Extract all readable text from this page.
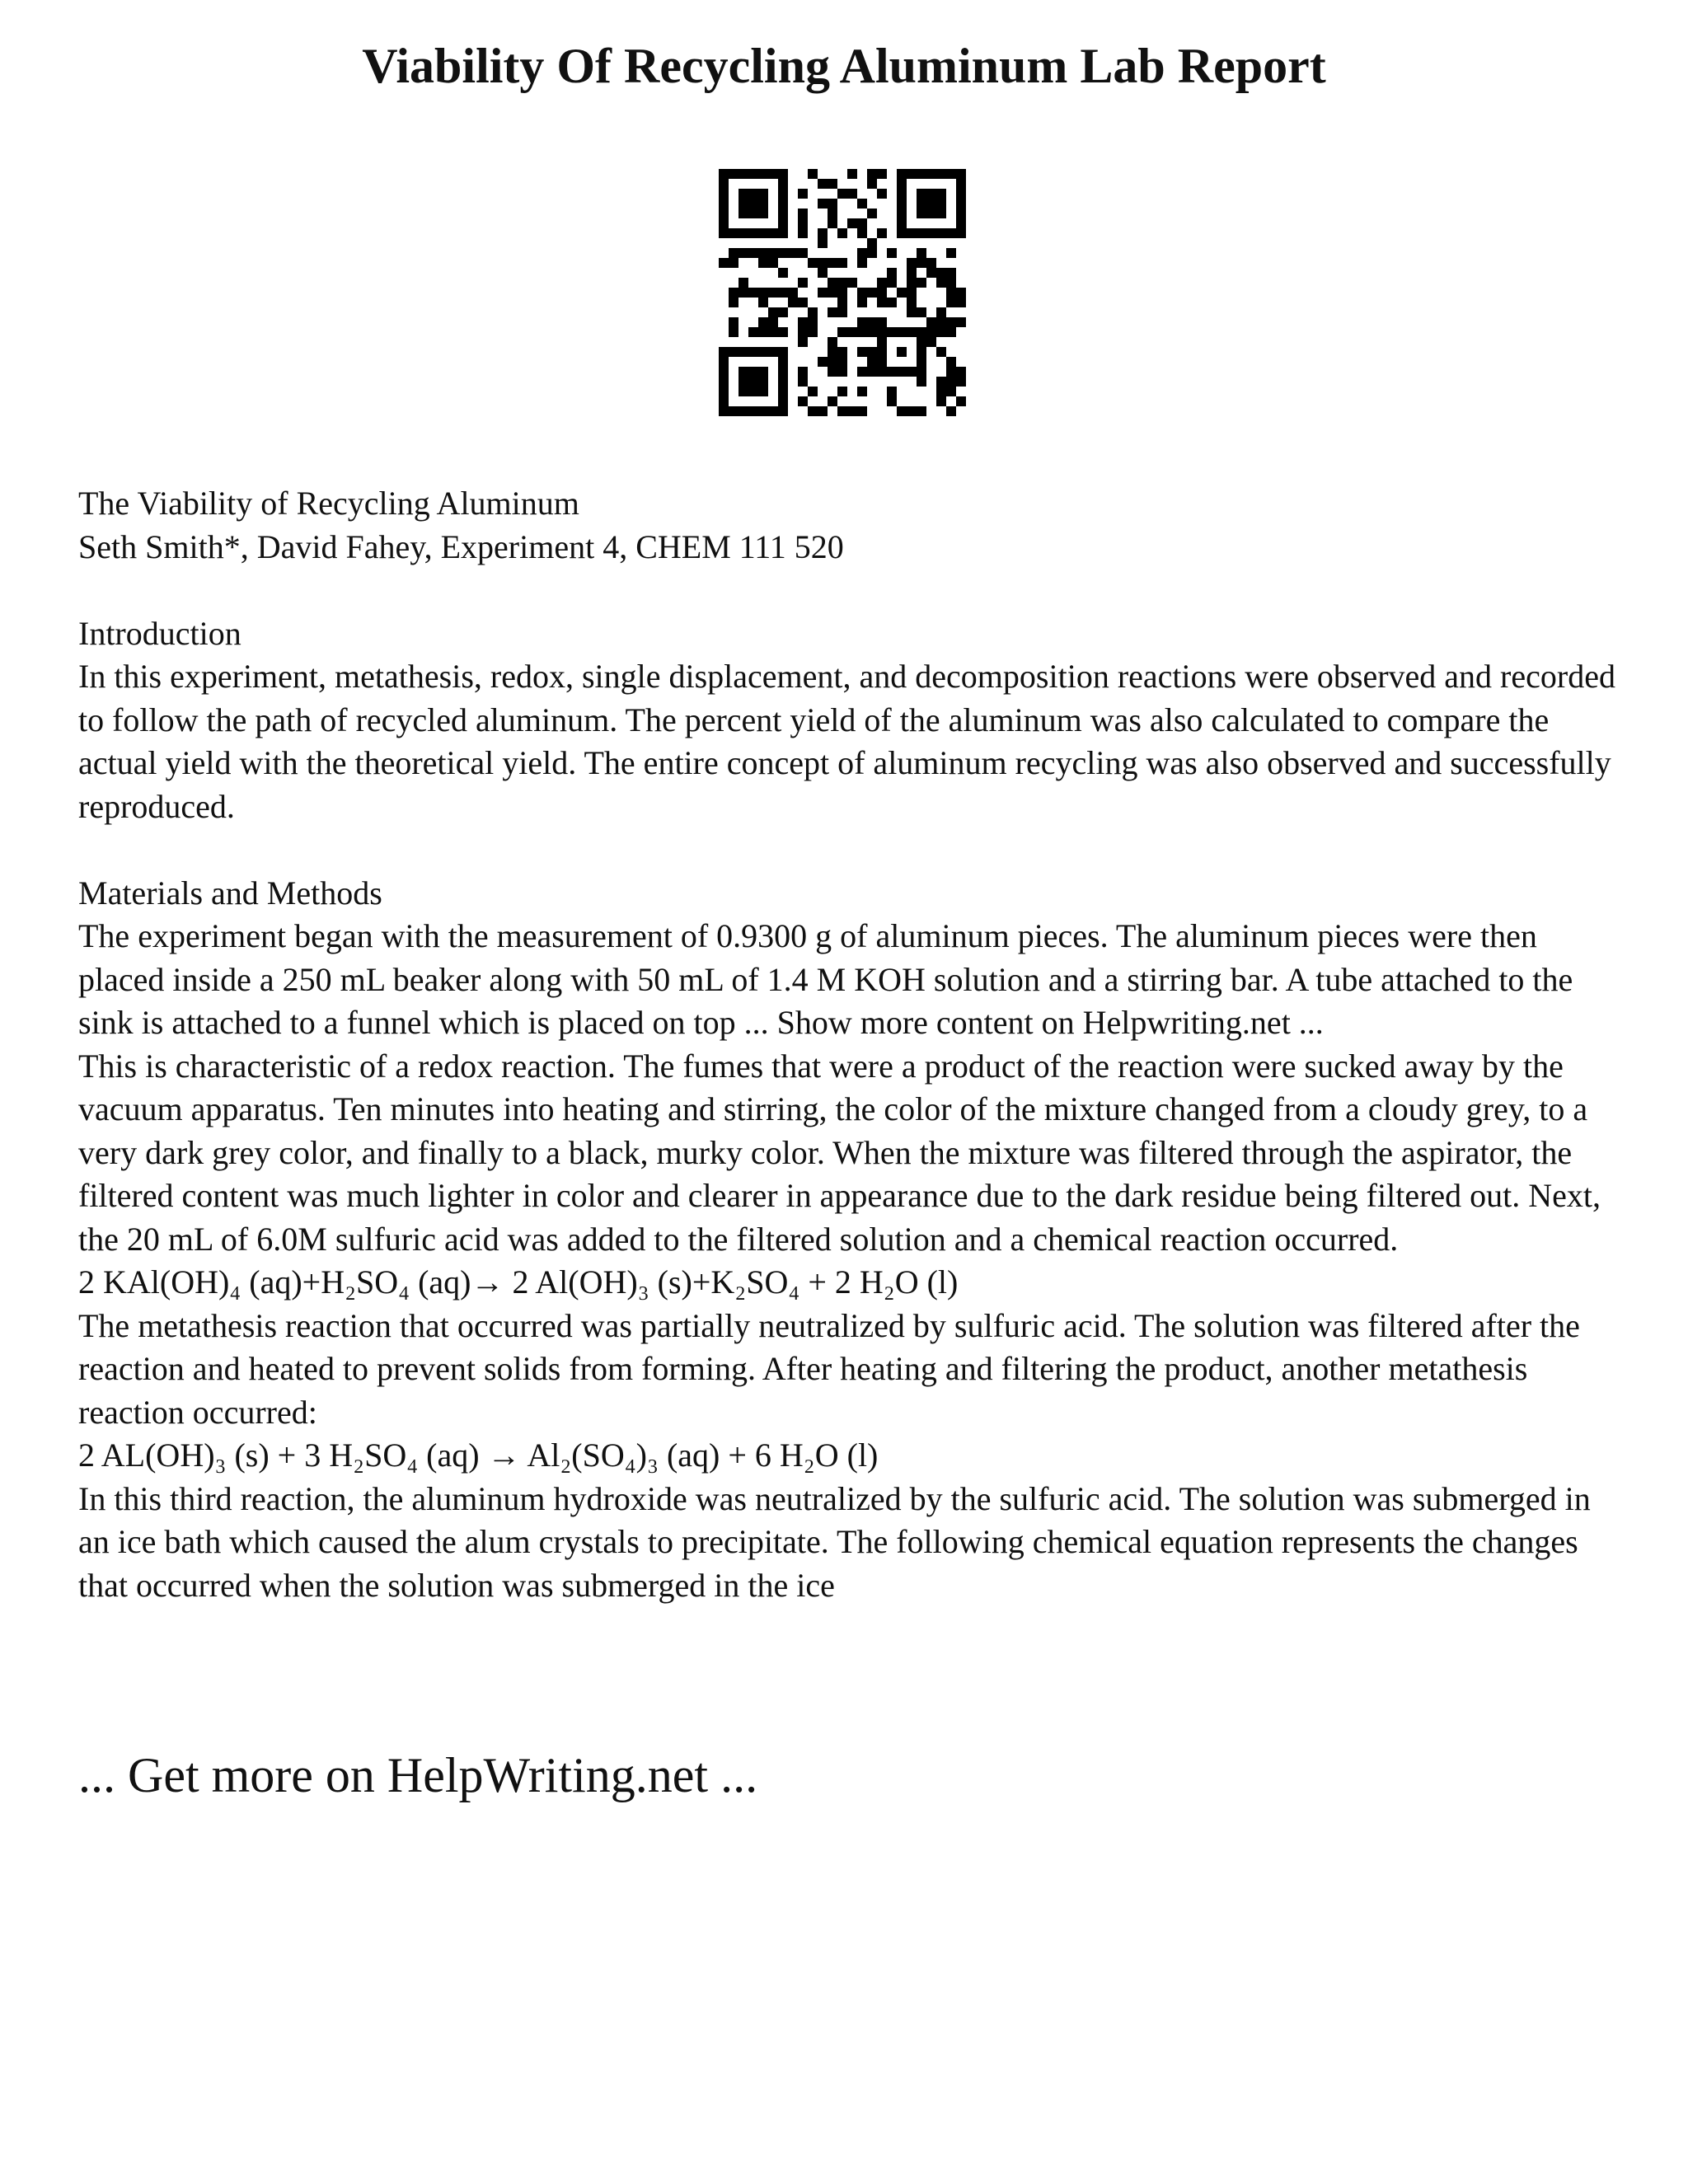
Viability Of Recycling Aluminum Lab Report

The Viability of Recycling Aluminum

Seth Smith*, David Fahey, Experiment 4, CHEM 111 520

Introduction

In this experiment, metathesis, redox, single displacement, and decomposition reactions were observed and recorded to follow the path of recycled aluminum. The percent yield of the aluminum was also calculated to compare the actual yield with the theoretical yield. The entire concept of aluminum recycling was also observed and successfully reproduced.

Materials and Methods

The experiment began with the measurement of 0.9300 g of aluminum pieces. The aluminum pieces were then placed inside a 250 mL beaker along with 50 mL of 1.4 M KOH solution and a stirring bar. A tube attached to the sink is attached to a funnel which is placed on top ... Show more content on Helpwriting.net ...

This is characteristic of a redox reaction. The fumes that were a product of the reaction were sucked away by the vacuum apparatus. Ten minutes into heating and stirring, the color of the mixture changed from a cloudy grey, to a very dark grey color, and finally to a black, murky color. When the mixture was filtered through the aspirator, the filtered content was much lighter in color and clearer in appearance due to the dark residue being filtered out. Next, the 20 mL of 6.0M sulfuric acid was added to the filtered solution and a chemical reaction occurred.

2 KAl(OH)₄ (aq)+H₂SO₄ (aq)→ 2 Al(OH)₃ (s)+K₂SO₄ + 2 H₂O (l)

The metathesis reaction that occurred was partially neutralized by sulfuric acid. The solution was filtered after the reaction and heated to prevent solids from forming. After heating and filtering the product, another metathesis reaction occurred:

2 AL(OH)₃ (s) + 3 H₂SO₄ (aq) → Al₂(SO₄)₃ (aq) + 6 H₂O (l)

In this third reaction, the aluminum hydroxide was neutralized by the sulfuric acid. The solution was submerged in an ice bath which caused the alum crystals to precipitate. The following chemical equation represents the changes that occurred when the solution was submerged in the ice

... Get more on HelpWriting.net ...
